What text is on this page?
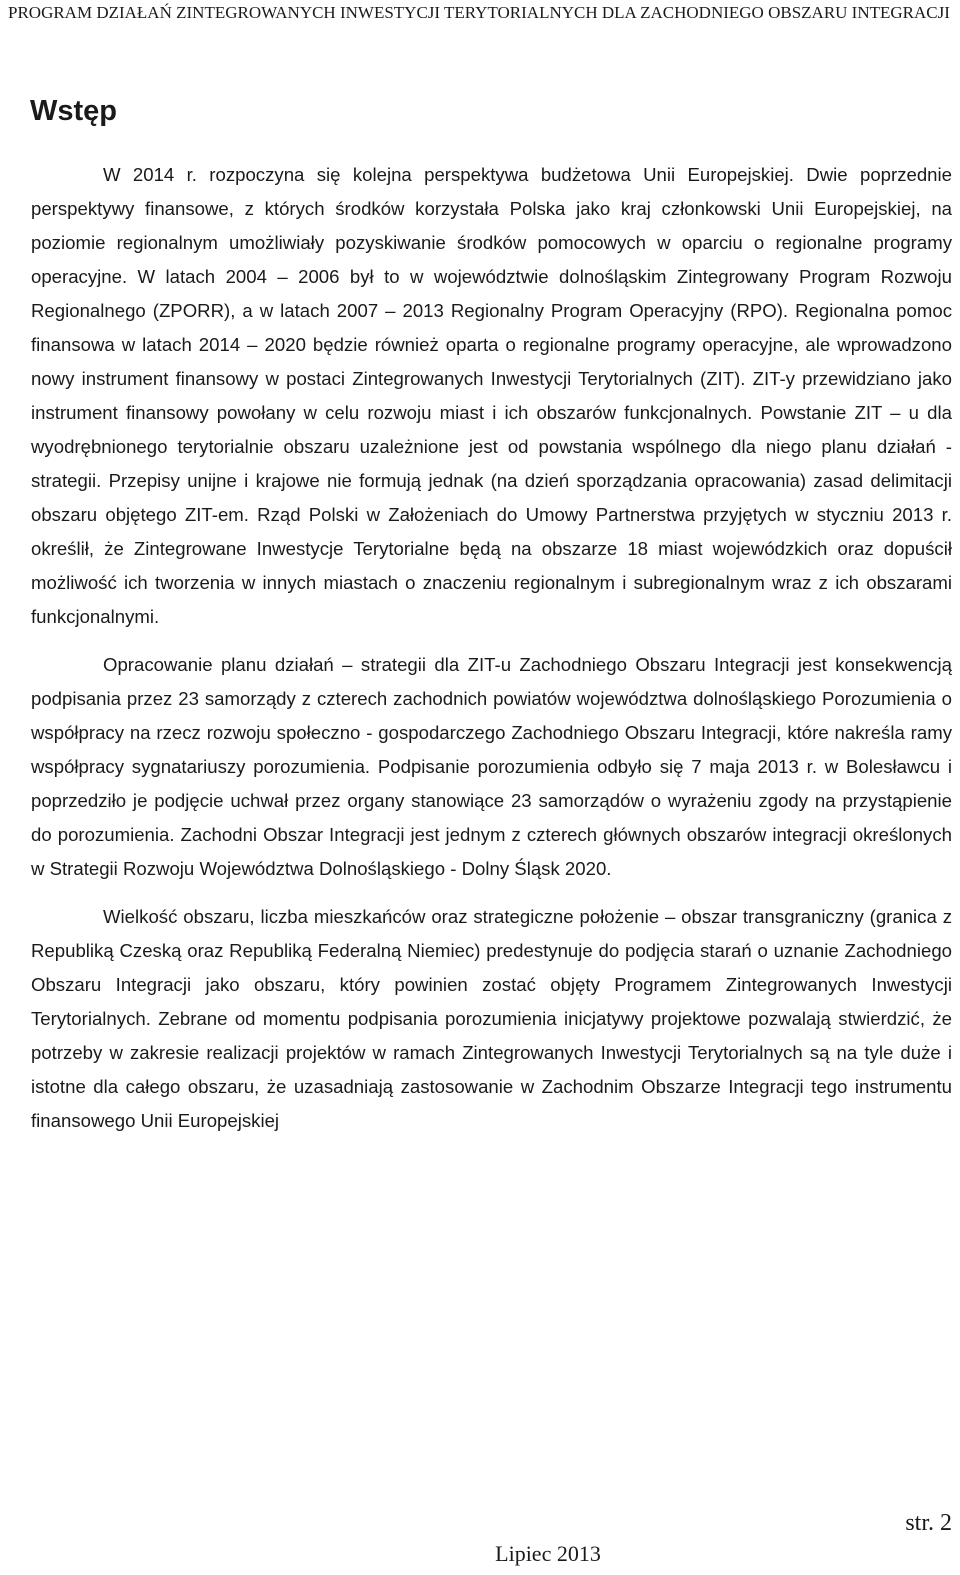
PROGRAM DZIAŁAŃ ZINTEGROWANYCH INWESTYCJI TERYTORIALNYCH DLA ZACHODNIEGO OBSZARU INTEGRACJI
Wstęp

W 2014 r. rozpoczyna się kolejna perspektywa budżetowa Unii Europejskiej. Dwie poprzednie perspektywy finansowe, z których środków korzystała Polska jako kraj członkowski Unii Europejskiej, na poziomie regionalnym umożliwiały pozyskiwanie środków pomocowych w oparciu o regionalne programy operacyjne. W latach 2004 – 2006 był to w województwie dolnośląskim Zintegrowany Program Rozwoju Regionalnego (ZPORR), a w latach 2007 – 2013 Regionalny Program Operacyjny (RPO). Regionalna pomoc finansowa w latach 2014 – 2020 będzie również oparta o regionalne programy operacyjne, ale wprowadzono nowy instrument finansowy w postaci Zintegrowanych Inwestycji Terytorialnych (ZIT). ZIT-y przewidziano jako instrument finansowy powołany w celu rozwoju miast i ich obszarów funkcjonalnych. Powstanie ZIT – u dla wyodrębnionego terytorialnie obszaru uzależnione jest od powstania wspólnego dla niego planu działań - strategii. Przepisy unijne i krajowe nie formują jednak (na dzień sporządzania opracowania) zasad delimitacji obszaru objętego ZIT-em. Rząd Polski w Założeniach do Umowy Partnerstwa przyjętych w styczniu 2013 r. określił, że Zintegrowane Inwestycje Terytorialne będą na obszarze 18 miast wojewódzkich oraz dopuścił możliwość ich tworzenia w innych miastach o znaczeniu regionalnym i subregionalnym wraz z ich obszarami funkcjonalnymi.

Opracowanie planu działań – strategii dla ZIT-u Zachodniego Obszaru Integracji jest konsekwencją podpisania przez 23 samorządy z czterech zachodnich powiatów województwa dolnośląskiego Porozumienia o współpracy na rzecz rozwoju społeczno - gospodarczego Zachodniego Obszaru Integracji, które nakreśla ramy współpracy sygnatariuszy porozumienia. Podpisanie porozumienia odbyło się 7 maja 2013 r. w Bolesławcu i poprzedziło je podjęcie uchwał przez organy stanowiące 23 samorządów o wyrażeniu zgody na przystąpienie do porozumienia. Zachodni Obszar Integracji jest jednym z czterech głównych obszarów integracji określonych w Strategii Rozwoju Województwa Dolnośląskiego - Dolny Śląsk 2020.

Wielkość obszaru, liczba mieszkańców oraz strategiczne położenie – obszar transgraniczny (granica z Republiką Czeską oraz Republiką Federalną Niemiec) predestynuje do podjęcia starań o uznanie Zachodniego Obszaru Integracji jako obszaru, który powinien zostać objęty Programem Zintegrowanych Inwestycji Terytorialnych. Zebrane od momentu podpisania porozumienia inicjatywy projektowe pozwalają stwierdzić, że potrzeby w zakresie realizacji projektów w ramach Zintegrowanych Inwestycji Terytorialnych są na tyle duże i istotne dla całego obszaru, że uzasadniają zastosowanie w Zachodnim Obszarze Integracji tego instrumentu finansowego Unii Europejskiej

str. 2
Lipiec 2013
